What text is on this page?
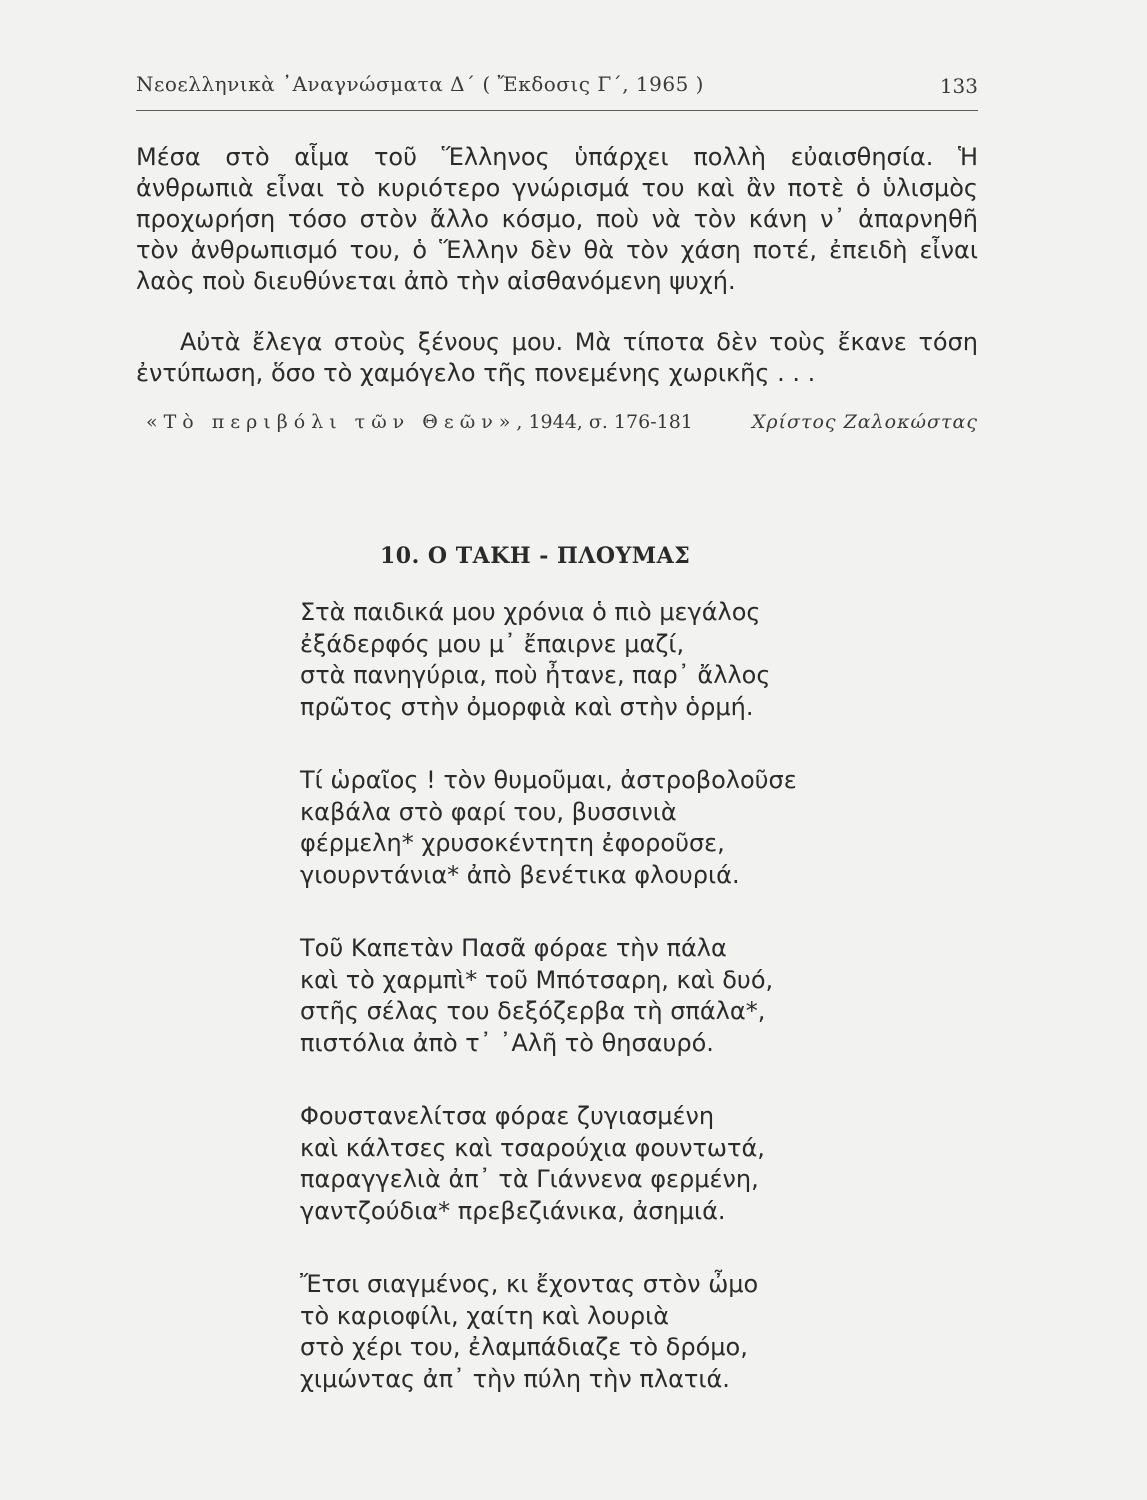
Νεοελληνικὰ ᾿Αναγνώσματα Δ΄ ( Ἔκδοσις Γ΄, 1965 )	133
Μέσα στὸ αἷμα τοῦ Ἕλληνος ὑπάρχει πολλὴ εὐαισθησία. Ἡ
ἀνθρωπιὰ εἶναι τὸ κυριότερο γνώρισμά του καὶ ἂν ποτὲ ὁ ὑλισμὸς
προχωρήση τόσο στὸν ἄλλο κόσμο, ποὺ νὰ τὸν κάνη ν᾿ ἀπαρνηθῆ
τὸν ἀνθρωπισμό του, ὁ Ἕλλην δὲν θὰ τὸν χάση ποτέ, ἐπειδὴ εἶναι
λαὸς ποὺ διευθύνεται ἀπὸ τὴν αἰσθανόμενη ψυχή.
Αὐτὰ ἔλεγα στοὺς ξένους μου. Μὰ τίποτα δὲν τοὺς ἔκανε τόση
ἐντύπωση, ὅσο τὸ χαμόγελο τῆς πονεμένης χωρικῆς . . .
«Τὸ περιβόλι τῶν Θεῶν», 1944, σ. 176-181	Χρίστος Ζαλοκώστας
10. Ο ΤΑΚΗ - ΠΛΟΥΜΑΣ
Στὰ παιδικά μου χρόνια ὁ πιὸ μεγάλος
ἐξάδερφός μου μ᾿ ἔπαιρνε μαζί,
στὰ πανηγύρια, ποὺ ἦτανε, παρ᾿ ἄλλος
πρῶτος στὴν ὀμορφιὰ καὶ στὴν ὁρμή.
Τί ὡραῖος ! τὸν θυμοῦμαι, ἀστροβολοῦσε
καβάλα στὸ φαρί του, βυσσινιὰ
φέρμελη* χρυσοκέντητη ἐφοροῦσε,
γιουρντάνια* ἀπὸ βενέτικα φλουριά.
Τοῦ Καπετὰν Πασᾶ φόραε τὴν πάλα
καὶ τὸ χαρμπὶ* τοῦ Μπότσαρη, καὶ δυό,
στῆς σέλας του δεξόζερβα τὴ σπάλα*,
πιστόλια ἀπὸ τ᾿ ᾿Αλῆ τὸ θησαυρό.
Φουστανελίτσα φόραε ζυγιασμένη
καὶ κάλτσες καὶ τσαρούχια φουντωτά,
παραγγελιὰ ἀπ᾿ τὰ Γιάννενα φερμένη,
γαντζούδια* πρεβεζιάνικα, ἀσημιά.
Ἔτσι σιαγμένος, κι ἔχοντας στὸν ὦμο
τὸ καριοφίλι, χαίτη καὶ λουριὰ
στὸ χέρι του, ἐλαμπάδιαζε τὸ δρόμο,
χιμώντας ἀπ᾿ τὴν πύλη τὴν πλατιά.
